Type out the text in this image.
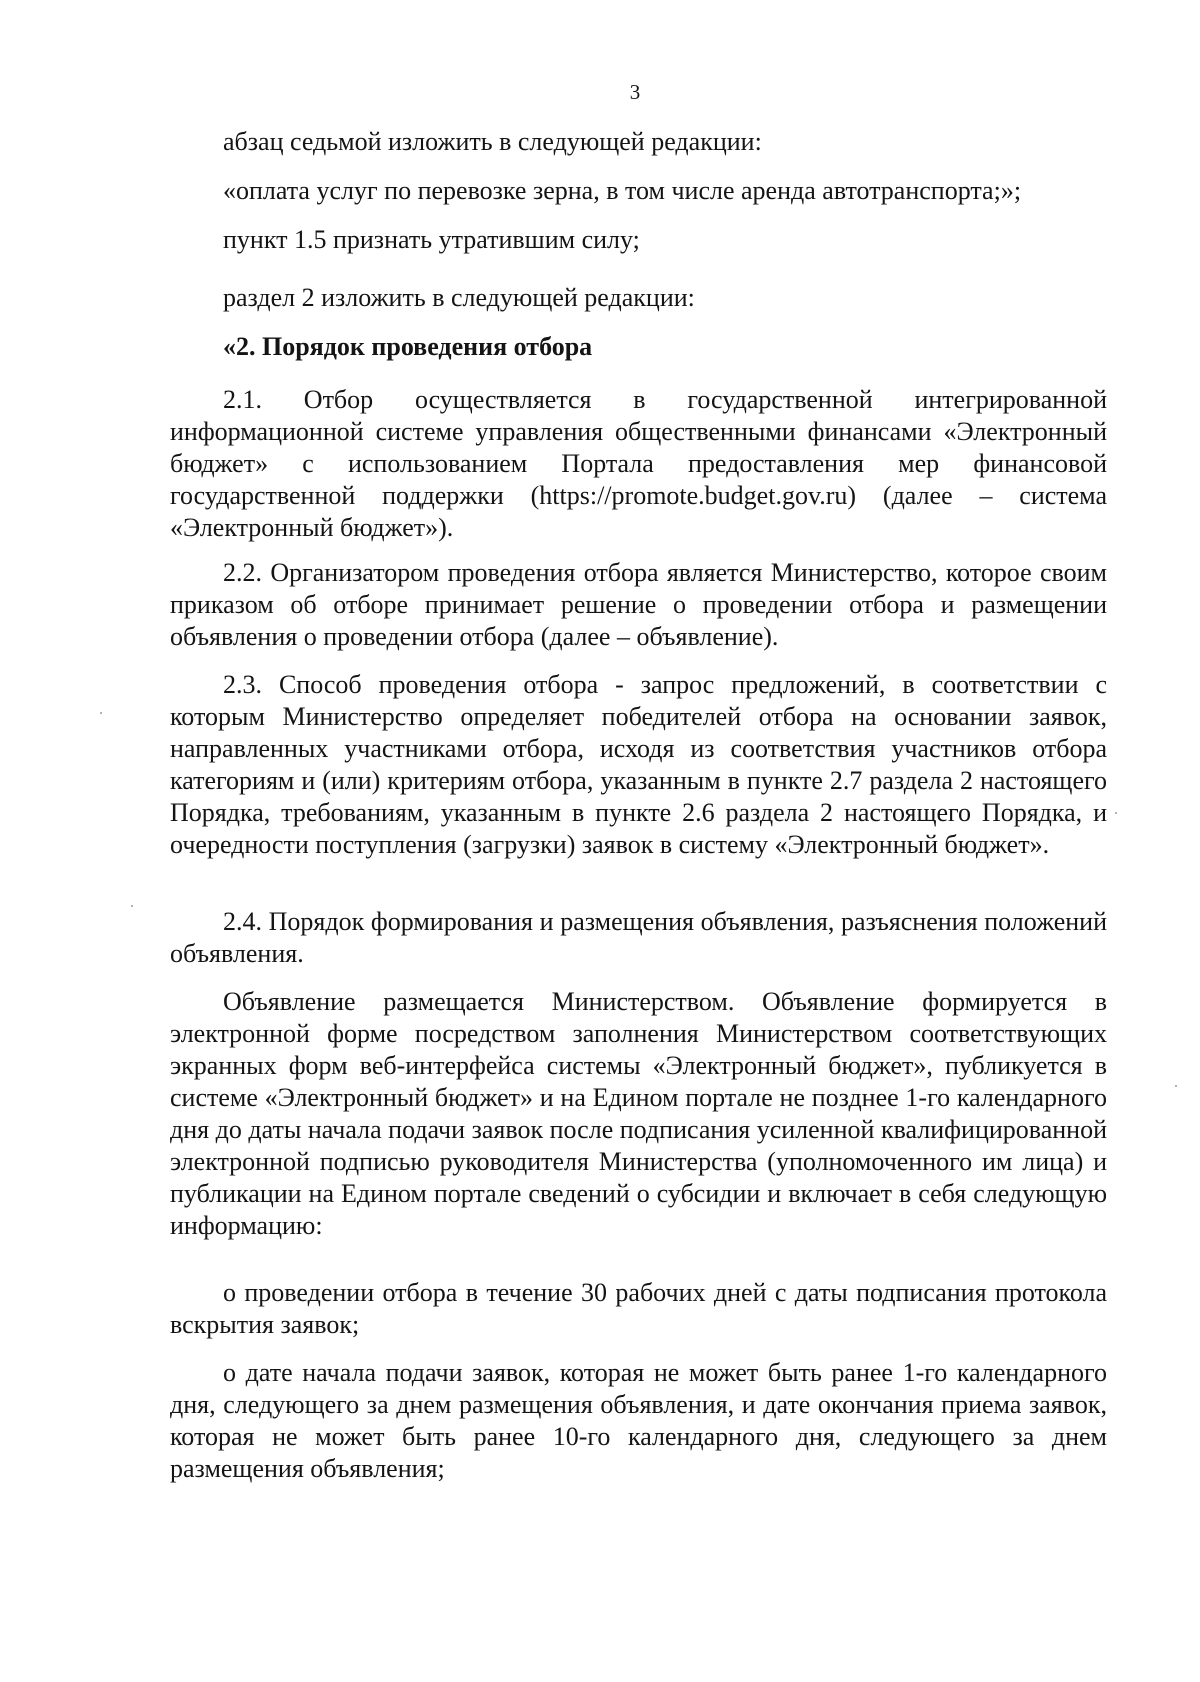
3
абзац седьмой изложить в следующей редакции:
«оплата услуг по перевозке зерна, в том числе аренда автотранспорта;»;
пункт 1.5 признать утратившим силу;
раздел 2 изложить в следующей редакции:
«2. Порядок проведения отбора
2.1. Отбор осуществляется в государственной интегрированной информационной системе управления общественными финансами «Электронный бюджет» с использованием Портала предоставления мер финансовой государственной поддержки (https://promote.budget.gov.ru) (далее – система «Электронный бюджет»).
2.2. Организатором проведения отбора является Министерство, которое своим приказом об отборе принимает решение о проведении отбора и размещении объявления о проведении отбора (далее – объявление).
2.3. Способ проведения отбора - запрос предложений, в соответствии с которым Министерство определяет победителей отбора на основании заявок, направленных участниками отбора, исходя из соответствия участников отбора категориям и (или) критериям отбора, указанным в пункте 2.7 раздела 2 настоящего Порядка, требованиям, указанным в пункте 2.6 раздела 2 настоящего Порядка, и очередности поступления (загрузки) заявок в систему «Электронный бюджет».
2.4. Порядок формирования и размещения объявления, разъяснения положений объявления.
Объявление размещается Министерством. Объявление формируется в электронной форме посредством заполнения Министерством соответствующих экранных форм веб-интерфейса системы «Электронный бюджет», публикуется в системе «Электронный бюджет» и на Едином портале не позднее 1-го календарного дня до даты начала подачи заявок после подписания усиленной квалифицированной электронной подписью руководителя Министерства (уполномоченного им лица) и публикации на Едином портале сведений о субсидии и включает в себя следующую информацию:
о проведении отбора в течение 30 рабочих дней с даты подписания протокола вскрытия заявок;
о дате начала подачи заявок, которая не может быть ранее 1-го календарного дня, следующего за днем размещения объявления, и дате окончания приема заявок, которая не может быть ранее 10-го календарного дня, следующего за днем размещения объявления;
